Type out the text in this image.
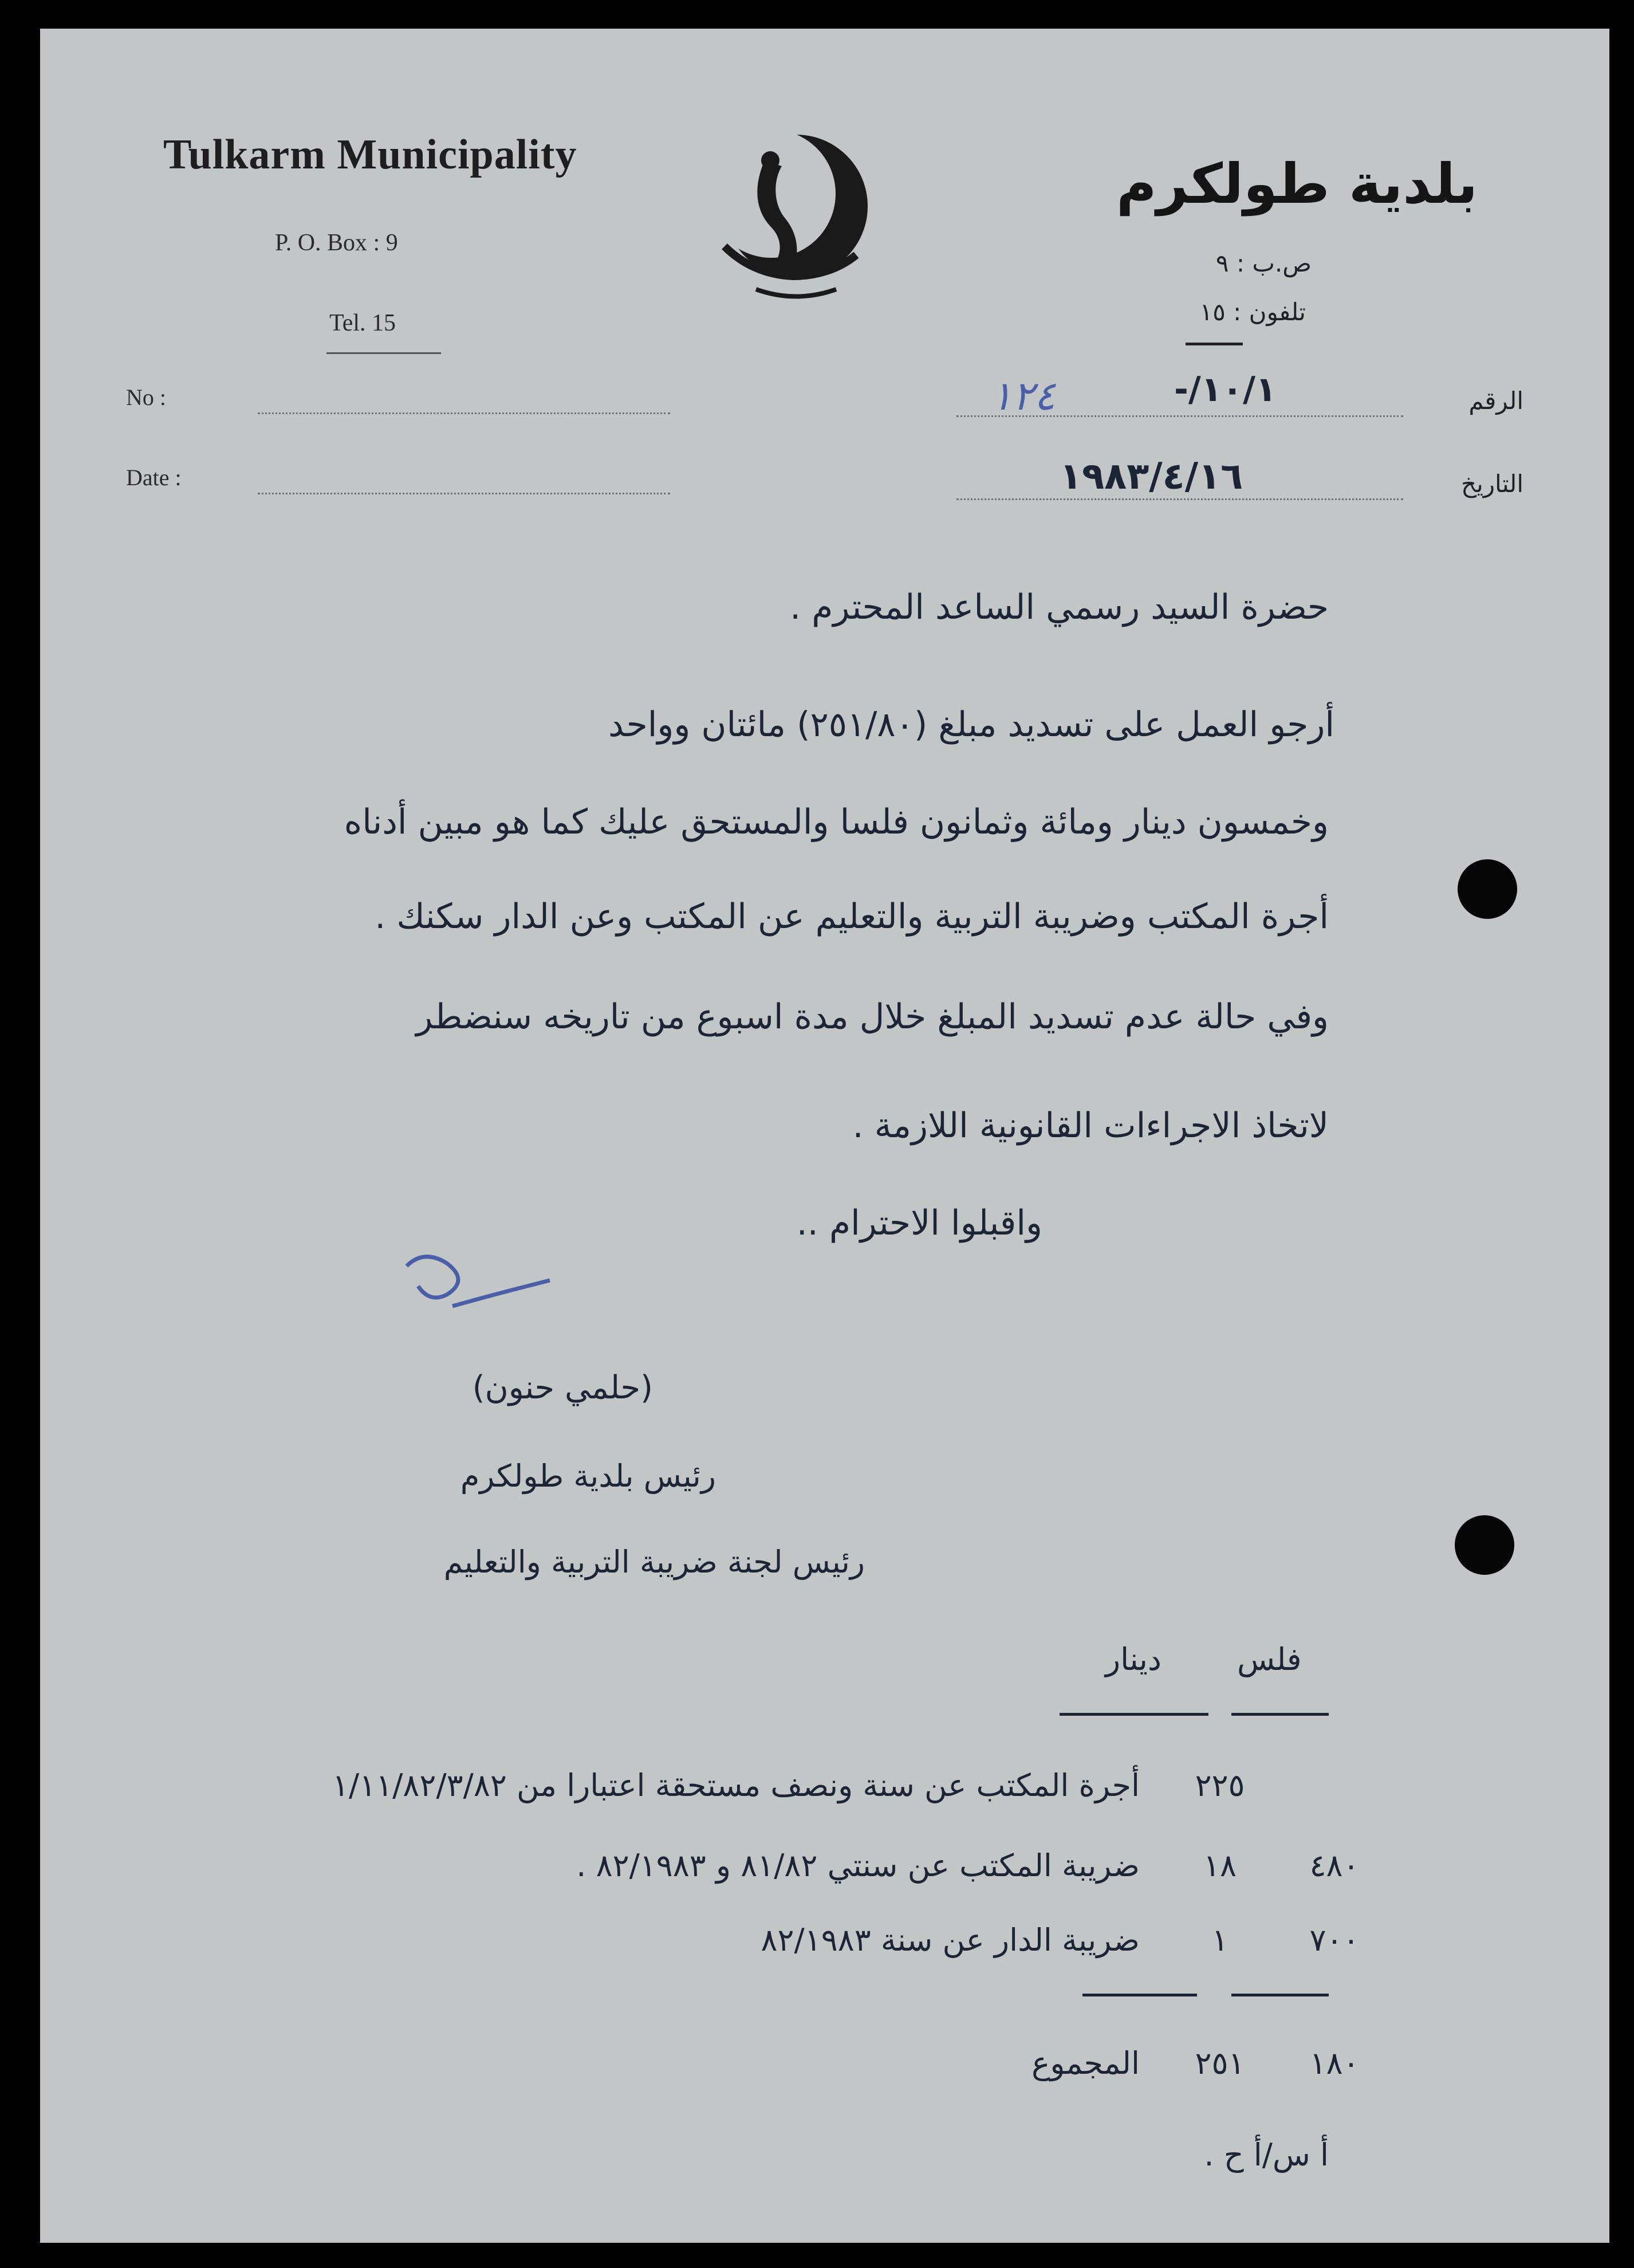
Tulkarm Municipality
P. O. Box : 9
Tel. 15
No :
Date :
بلدية طولكرم
ص.ب : ٩
تلفون : ١٥
الرقم
١٠/١/-
١٢٤
التاريخ
١٩٨٣/٤/١٦
حضرة السيد رسمي الساعد المحترم .
أرجو العمل على تسديد مبلغ (٢٥١/٨٠) مائتان وواحد
وخمسون دينار ومائة وثمانون فلسا والمستحق عليك كما هو مبين أدناه
أجرة المكتب وضريبة التربية والتعليم عن المكتب وعن الدار سكنك .
وفي حالة عدم تسديد المبلغ خلال مدة اسبوع من تاريخه سنضطر
لاتخاذ الاجراءات القانونية اللازمة .
واقبلوا الاحترام ..
(حلمي حنون)
رئيس بلدية طولكرم
رئيس لجنة ضريبة التربية والتعليم
فلس
دينار
٢٢٥
أجرة المكتب عن سنة ونصف مستحقة اعتبارا من ١/١١/٨٢/٣/٨٢
٤٨٠
١٨
ضريبة المكتب عن سنتي ٨١/٨٢ و ٨٢/١٩٨٣ .
٧٠٠
١
ضريبة الدار عن سنة ٨٢/١٩٨٣
١٨٠
٢٥١
المجموع
أ س/أ ح .
